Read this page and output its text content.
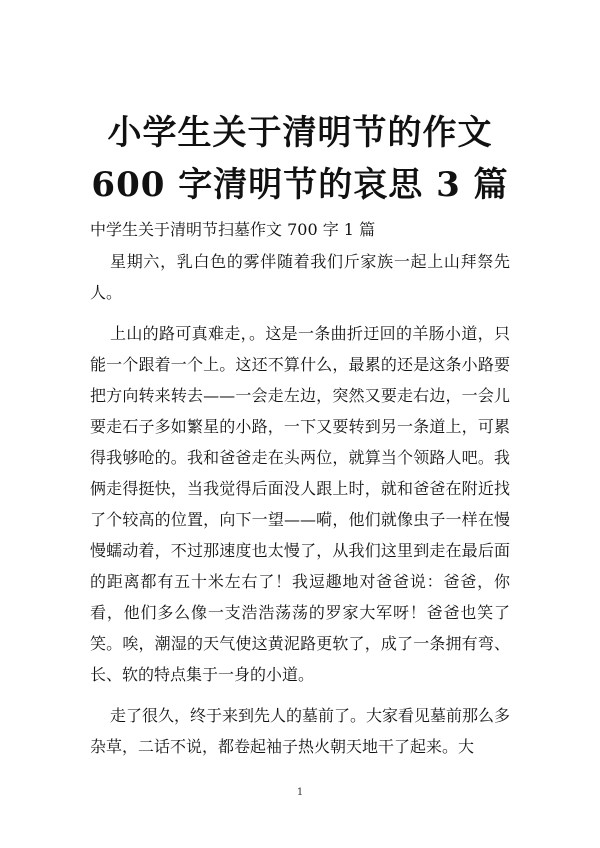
小学生关于清明节的作文
600 字清明节的哀思 3 篇
中学生关于清明节扫墓作文 700 字 1 篇

星期六，乳白色的雾伴随着我们斤家族一起上山拜祭先人。

上山的路可真难走，。这是一条曲折迂回的羊肠小道，只能一个跟着一个上。这还不算什么，最累的还是这条小路要把方向转来转去——一会走左边，突然又要走右边，一会儿要走石子多如繁星的小路，一下又要转到另一条道上，可累得我够呛的。我和爸爸走在头两位，就算当个领路人吧。我俩走得挺快，当我觉得后面没人跟上时，就和爸爸在附近找了个较高的位置，向下一望——嗬，他们就像虫子一样在慢慢蠕动着，不过那速度也太慢了，从我们这里到走在最后面的距离都有五十米左右了！我逗趣地对爸爸说：爸爸，你看，他们多么像一支浩浩荡荡的罗家大军呀！爸爸也笑了笑。唉，潮湿的天气使这黄泥路更软了，成了一条拥有弯、长、软的特点集于一身的小道。

走了很久，终于来到先人的墓前了。大家看见墓前那么多杂草，二话不说，都卷起袖子热火朝天地干了起来。大

1
